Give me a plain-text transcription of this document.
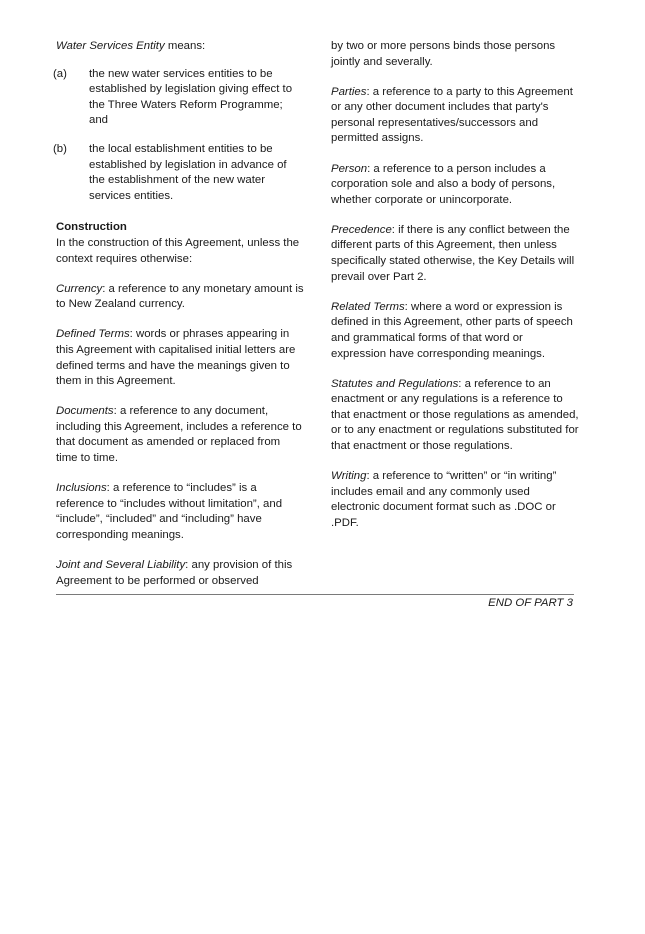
Water Services Entity means:

(a) the new water services entities to be established by legislation giving effect to the Three Waters Reform Programme; and
(b) the local establishment entities to be established by legislation in advance of the establishment of the new water services entities.

Construction
In the construction of this Agreement, unless the context requires otherwise:

Currency: a reference to any monetary amount is to New Zealand currency.

Defined Terms: words or phrases appearing in this Agreement with capitalised initial letters are defined terms and have the meanings given to them in this Agreement.

Documents: a reference to any document, including this Agreement, includes a reference to that document as amended or replaced from time to time.

Inclusions: a reference to “includes” is a reference to “includes without limitation”, and “include”, “included” and “including” have corresponding meanings.

Joint and Several Liability: any provision of this Agreement to be performed or observed

by two or more persons binds those persons jointly and severally.

Parties: a reference to a party to this Agreement or any other document includes that party's personal representatives/successors and permitted assigns.

Person: a reference to a person includes a corporation sole and also a body of persons, whether corporate or unincorporate.

Precedence: if there is any conflict between the different parts of this Agreement, then unless specifically stated otherwise, the Key Details will prevail over Part 2.

Related Terms: where a word or expression is defined in this Agreement, other parts of speech and grammatical forms of that word or expression have corresponding meanings.

Statutes and Regulations: a reference to an enactment or any regulations is a reference to that enactment or those regulations as amended, or to any enactment or regulations substituted for that enactment or those regulations.

Writing: a reference to “written” or “in writing” includes email and any commonly used electronic document format such as .DOC or .PDF.

END OF PART 3
